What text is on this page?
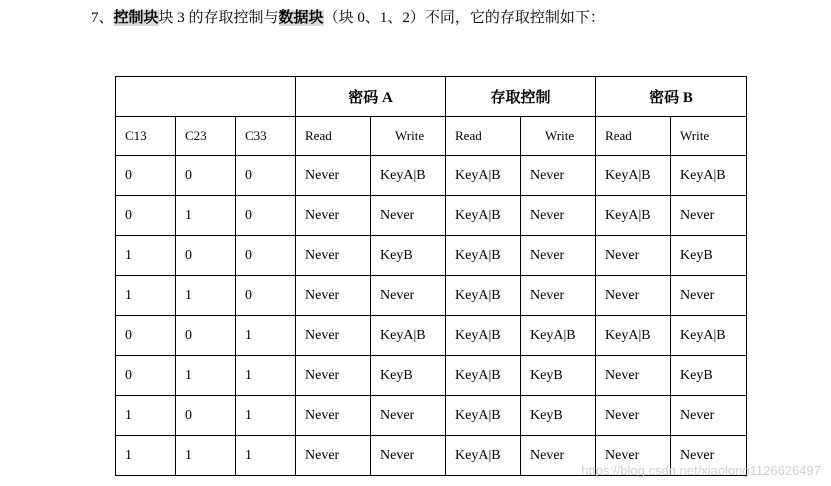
7、控制块块 3 的存取控制与数据块（块 0、1、2）不同，它的存取控制如下：
			密码 A		存取控制		密码 B	
C13	C23	C33	Read	Write	Read	Write	Read	Write
0	0	0	Never	KeyA|B	KeyA|B	Never	KeyA|B	KeyA|B
0	1	0	Never	Never	KeyA|B	Never	KeyA|B	Never
1	0	0	Never	KeyB	KeyA|B	Never	Never	KeyB
1	1	0	Never	Never	KeyA|B	Never	Never	Never
0	0	1	Never	KeyA|B	KeyA|B	KeyA|B	KeyA|B	KeyA|B
0	1	1	Never	KeyB	KeyA|B	KeyB	Never	KeyB
1	0	1	Never	Never	KeyA|B	KeyB	Never	Never
1	1	1	Never	Never	KeyA|B	Never	Never	Never
https://blog.csdn.net/xiaolong1126626497
